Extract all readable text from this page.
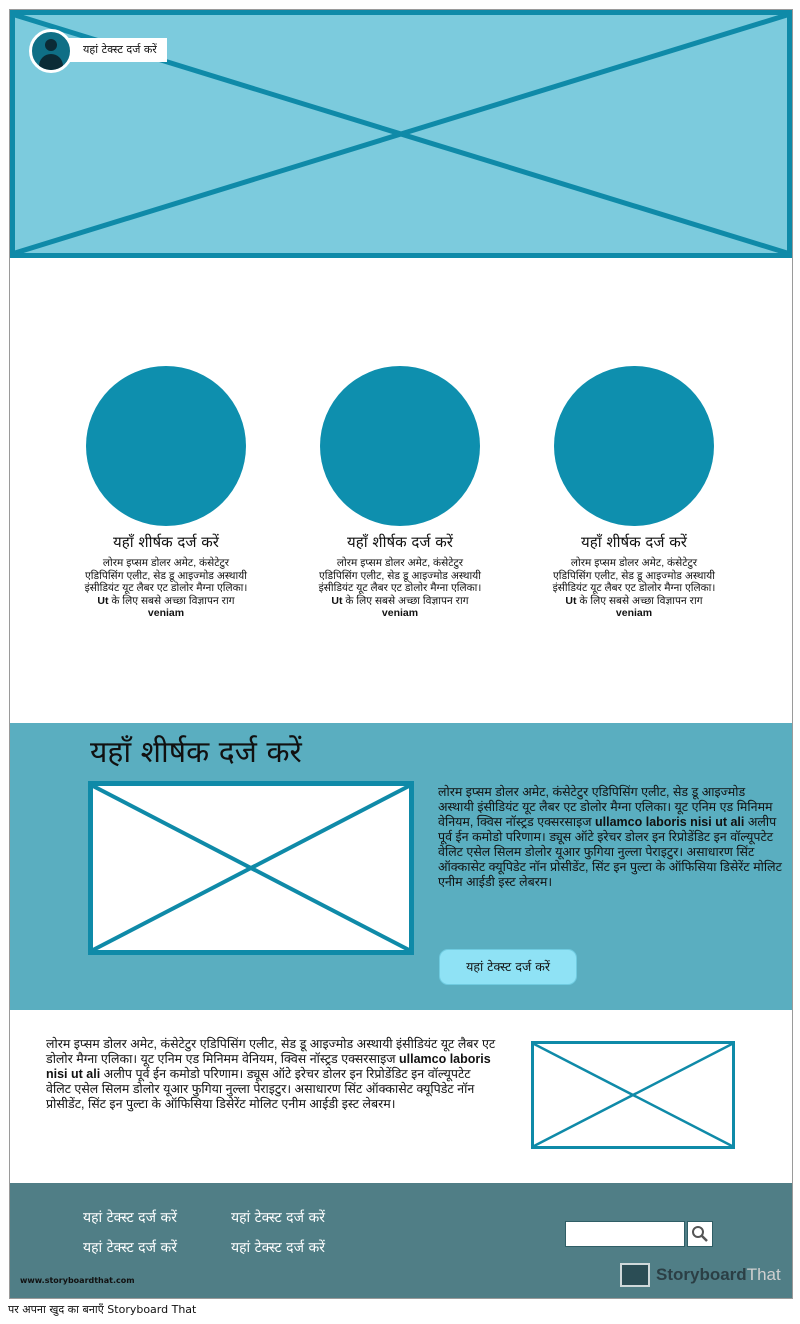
यहां टेक्स्ट दर्ज करें
यहाँ शीर्षक दर्ज करें
लोरम इप्सम डोलर अमेट, कंसेटेटुर एडिपिसिंग एलीट, सेड डू आइज्मोड अस्थायी इंसीडियंट यूट लैबर एट डोलोर मैग्ना एलिका। Ut के लिए सबसे अच्छा विज्ञापन राग veniam
यहाँ शीर्षक दर्ज करें
लोरम इप्सम डोलर अमेट, कंसेटेटुर एडिपिसिंग एलीट, सेड डू आइज्मोड अस्थायी इंसीडियंट यूट लैबर एट डोलोर मैग्ना एलिका। Ut के लिए सबसे अच्छा विज्ञापन राग veniam
यहाँ शीर्षक दर्ज करें
लोरम इप्सम डोलर अमेट, कंसेटेटुर एडिपिसिंग एलीट, सेड डू आइज्मोड अस्थायी इंसीडियंट यूट लैबर एट डोलोर मैग्ना एलिका। Ut के लिए सबसे अच्छा विज्ञापन राग veniam
यहाँ शीर्षक दर्ज करें
लोरम इप्सम डोलर अमेट, कंसेटेटुर एडिपिसिंग एलीट, सेड डू आइज्मोड अस्थायी इंसीडियंट यूट लैबर एट डोलोर मैग्ना एलिका। यूट एनिम एड मिनिमम वेनियम, क्विस नॉस्ट्रड एक्सरसाइज ullamco laboris nisi ut ali अलीप पूर्व ईन कमोडो परिणाम। ड्यूस ऑटे इरेचर डोलर इन रिप्रोडेंडिट इन वॉल्यूपटेट वेलिट एसेल सिलम डोलोर यूआर फुगिया नुल्ला पेराइटुर। असाधारण सिंट ऑक्कासेट क्यूपिडेट नॉन प्रोसीडेंट, सिंट इन पुल्टा के ऑफिसिया डिसेरेंट मोलिट एनीम आईडी इस्ट लेबरम।
यहां टेक्स्ट दर्ज करें
लोरम इप्सम डोलर अमेट, कंसेटेटुर एडिपिसिंग एलीट, सेड डू आइज्मोड अस्थायी इंसीडियंट यूट लैबर एट डोलोर मैग्ना एलिका। यूट एनिम एड मिनिमम वेनियम, क्विस नॉस्ट्रड एक्सरसाइज ullamco laboris nisi ut ali अलीप पूर्व ईन कमोडो परिणाम। ड्यूस ऑटे इरेचर डोलर इन रिप्रोडेंडिट इन वॉल्यूपटेट वेलिट एसेल सिलम डोलोर यूआर फुगिया नुल्ला पेराइटुर। असाधारण सिंट ऑक्कासेट क्यूपिडेट नॉन प्रोसीडेंट, सिंट इन पुल्टा के ऑफिसिया डिसेरेंट मोलिट एनीम आईडी इस्ट लेबरम।
यहां टेक्स्ट दर्ज करें	यहां टेक्स्ट दर्ज करें
यहां टेक्स्ट दर्ज करें	यहां टेक्स्ट दर्ज करें
www.storyboardthat.com	StoryboardThat
पर अपना खुद का बनाएँ Storyboard That
